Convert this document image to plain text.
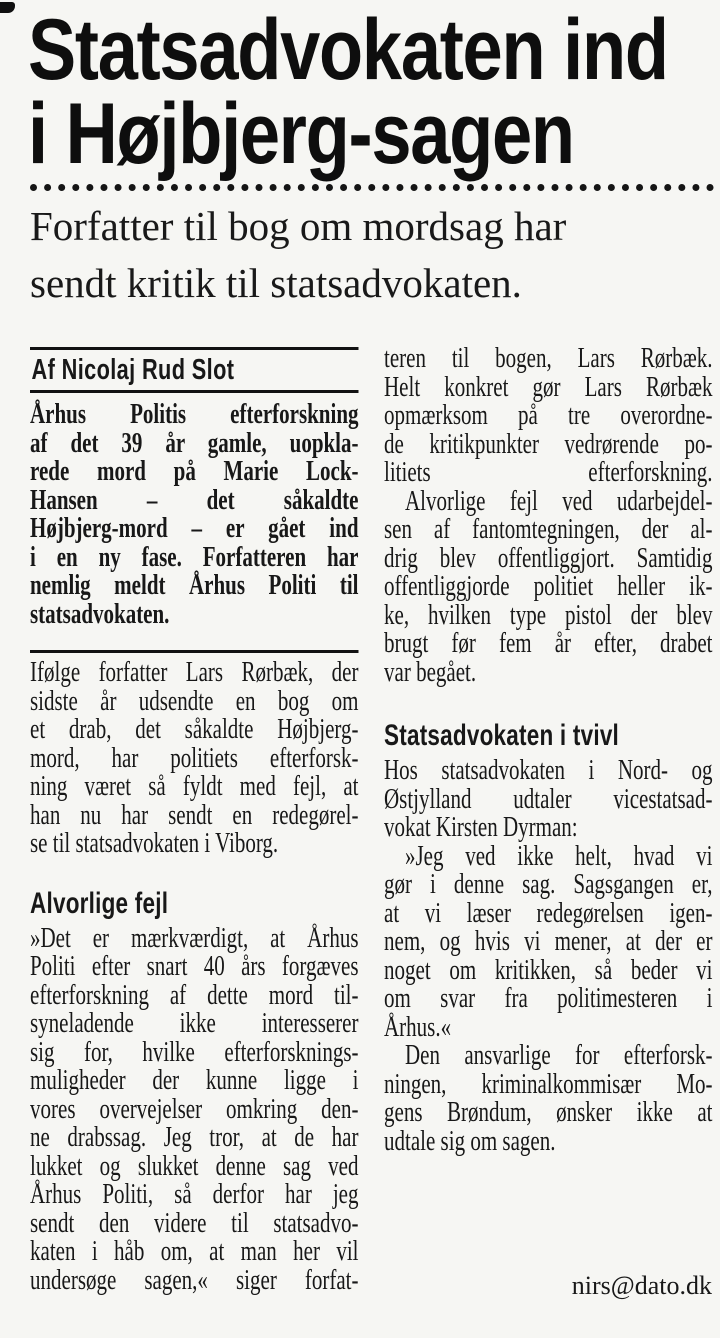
Statsadvokaten ind
i Højbjerg-sagen
Forfatter til bog om mordsag har
sendt kritik til statsadvokaten.
Af Nicolaj Rud Slot
Århus Politis efterforskning
af det 39 år gamle, uopkla-
rede mord på Marie Lock-
Hansen – det såkaldte
Højbjerg-mord – er gået ind
i en ny fase. Forfatteren har
nemlig meldt Århus Politi til
statsadvokaten.
Ifølge forfatter Lars Rørbæk, der
sidste år udsendte en bog om
et drab, det såkaldte Højbjerg-
mord, har politiets efterforsk-
ning været så fyldt med fejl, at
han nu har sendt en redegørel-
se til statsadvokaten i Viborg.
Alvorlige fejl
»Det er mærkværdigt, at Århus
Politi efter snart 40 års forgæves
efterforskning af dette mord til-
syneladende ikke interesserer
sig for, hvilke efterforsknings-
muligheder der kunne ligge i
vores overvejelser omkring den-
ne drabssag. Jeg tror, at de har
lukket og slukket denne sag ved
Århus Politi, så derfor har jeg
sendt den videre til statsadvo-
katen i håb om, at man her vil
undersøge sagen,« siger forfat-
teren til bogen, Lars Rørbæk.
Helt konkret gør Lars Rørbæk
opmærksom på tre overordne-
de kritikpunkter vedrørende po-
litiets efterforskning.
 Alvorlige fejl ved udarbejdel-
sen af fantomtegningen, der al-
drig blev offentliggjort. Samtidig
offentliggjorde politiet heller ik-
ke, hvilken type pistol der blev
brugt før fem år efter, drabet
var begået.
Statsadvokaten i tvivl
Hos statsadvokaten i Nord- og
Østjylland udtaler vicestatsad-
vokat Kirsten Dyrman:
 »Jeg ved ikke helt, hvad vi
gør i denne sag. Sagsgangen er,
at vi læser redegørelsen igen-
nem, og hvis vi mener, at der er
noget om kritikken, så beder vi
om svar fra politimesteren i
Århus.«
 Den ansvarlige for efterforsk-
ningen, kriminalkommisær Mo-
gens Brøndum, ønsker ikke at
udtale sig om sagen.
nirs@dato.dk
